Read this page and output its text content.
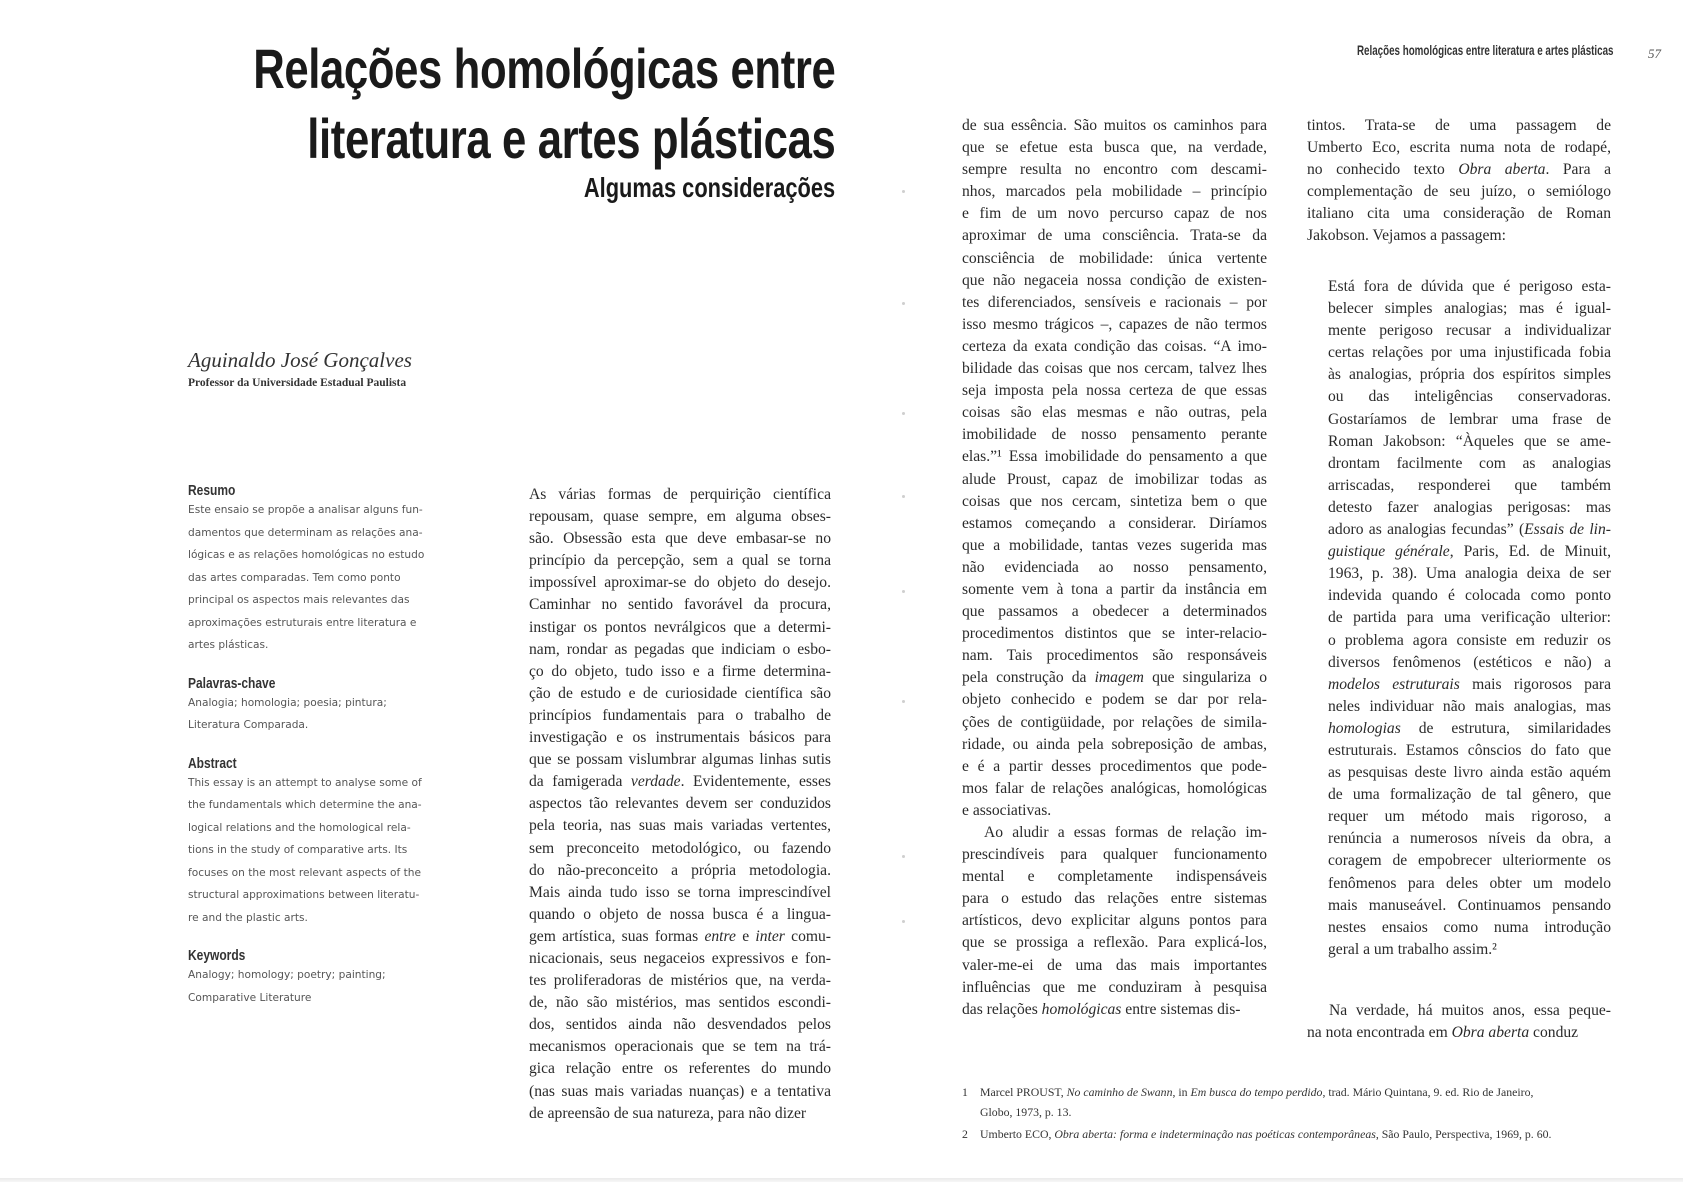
Relações homológicas entre
literatura e artes plásticas
Algumas considerações
Aguinaldo José Gonçalves
Professor da Universidade Estadual Paulista
Resumo
Este ensaio se propõe a analisar alguns fun-
damentos que determinam as relações ana-
lógicas e as relações homológicas no estudo
das artes comparadas. Tem como ponto
principal os aspectos mais relevantes das
aproximações estruturais entre literatura e
artes plásticas.
Palavras-chave
Analogia; homologia; poesia; pintura;
Literatura Comparada.
Abstract
This essay is an attempt to analyse some of
the fundamentals which determine the ana-
logical relations and the homological rela-
tions in the study of comparative arts. Its
focuses on the most relevant aspects of the
structural approximations between literatu-
re and the plastic arts.
Keywords
Analogy; homology; poetry; painting;
Comparative Literature
As várias formas de perquirição científica
repousam, quase sempre, em alguma obses-
são. Obsessão esta que deve embasar-se no
princípio da percepção, sem a qual se torna
impossível aproximar-se do objeto do desejo.
Caminhar no sentido favorável da procura,
instigar os pontos nevrálgicos que a determi-
nam, rondar as pegadas que indiciam o esbo-
ço do objeto, tudo isso e a firme determina-
ção de estudo e de curiosidade científica são
princípios fundamentais para o trabalho de
investigação e os instrumentais básicos para
que se possam vislumbrar algumas linhas sutis
da famigerada verdade. Evidentemente, esses
aspectos tão relevantes devem ser conduzidos
pela teoria, nas suas mais variadas vertentes,
sem preconceito metodológico, ou fazendo
do não-preconceito a própria metodologia.
Mais ainda tudo isso se torna imprescindível
quando o objeto de nossa busca é a lingua-
gem artística, suas formas entre e inter comu-
nicacionais, seus negaceios expressivos e fon-
tes proliferadoras de mistérios que, na verda-
de, não são mistérios, mas sentidos escondi-
dos, sentidos ainda não desvendados pelos
mecanismos operacionais que se tem na trá-
gica relação entre os referentes do mundo
(nas suas mais variadas nuanças) e a tentativa
de apreensão de sua natureza, para não dizer
Relações homológicas entre literatura e artes plásticas	57
de sua essência. São muitos os caminhos para
que se efetue esta busca que, na verdade,
sempre resulta no encontro com descami-
nhos, marcados pela mobilidade – princípio
e fim de um novo percurso capaz de nos
aproximar de uma consciência. Trata-se da
consciência de mobilidade: única vertente
que não negaceia nossa condição de existen-
tes diferenciados, sensíveis e racionais – por
isso mesmo trágicos –, capazes de não termos
certeza da exata condição das coisas. “A imo-
bilidade das coisas que nos cercam, talvez lhes
seja imposta pela nossa certeza de que essas
coisas são elas mesmas e não outras, pela
imobilidade de nosso pensamento perante
elas.”¹ Essa imobilidade do pensamento a que
alude Proust, capaz de imobilizar todas as
coisas que nos cercam, sintetiza bem o que
estamos começando a considerar. Diríamos
que a mobilidade, tantas vezes sugerida mas
não evidenciada ao nosso pensamento,
somente vem à tona a partir da instância em
que passamos a obedecer a determinados
procedimentos distintos que se inter-relacio-
nam. Tais procedimentos são responsáveis
pela construção da imagem que singulariza o
objeto conhecido e podem se dar por rela-
ções de contigüidade, por relações de simila-
ridade, ou ainda pela sobreposição de ambas,
e é a partir desses procedimentos que pode-
mos falar de relações analógicas, homológicas
e associativas.
Ao aludir a essas formas de relação im-
prescindíveis para qualquer funcionamento
mental e completamente indispensáveis
para o estudo das relações entre sistemas
artísticos, devo explicitar alguns pontos para
que se prossiga a reflexão. Para explicá-los,
valer-me-ei de uma das mais importantes
influências que me conduziram à pesquisa
das relações homológicas entre sistemas dis-
tintos. Trata-se de uma passagem de
Umberto Eco, escrita numa nota de rodapé,
no conhecido texto Obra aberta. Para a
complementação de seu juízo, o semiólogo
italiano cita uma consideração de Roman
Jakobson. Vejamos a passagem:
Está fora de dúvida que é perigoso esta-
belecer simples analogias; mas é igual-
mente perigoso recusar a individualizar
certas relações por uma injustificada fobia
às analogias, própria dos espíritos simples
ou das inteligências conservadoras.
Gostaríamos de lembrar uma frase de
Roman Jakobson: “Àqueles que se ame-
drontam facilmente com as analogias
arriscadas, responderei que também
detesto fazer analogias perigosas: mas
adoro as analogias fecundas” (Essais de lin-
guistique générale, Paris, Ed. de Minuit,
1963, p. 38). Uma analogia deixa de ser
indevida quando é colocada como ponto
de partida para uma verificação ulterior:
o problema agora consiste em reduzir os
diversos fenômenos (estéticos e não) a
modelos estruturais mais rigorosos para
neles individuar não mais analogias, mas
homologias de estrutura, similaridades
estruturais. Estamos cônscios do fato que
as pesquisas deste livro ainda estão aquém
de uma formalização de tal gênero, que
requer um método mais rigoroso, a
renúncia a numerosos níveis da obra, a
coragem de empobrecer ulteriormente os
fenômenos para deles obter um modelo
mais manuseável. Continuamos pensando
nestes ensaios como numa introdução
geral a um trabalho assim.²
Na verdade, há muitos anos, essa peque-
na nota encontrada em Obra aberta conduz
1 Marcel PROUST, No caminho de Swann, in Em busca do tempo perdido, trad. Mário Quintana, 9. ed. Rio de Janeiro,
Globo, 1973, p. 13.
2 Umberto ECO, Obra aberta: forma e indeterminação nas poéticas contemporâneas, São Paulo, Perspectiva, 1969, p. 60.
